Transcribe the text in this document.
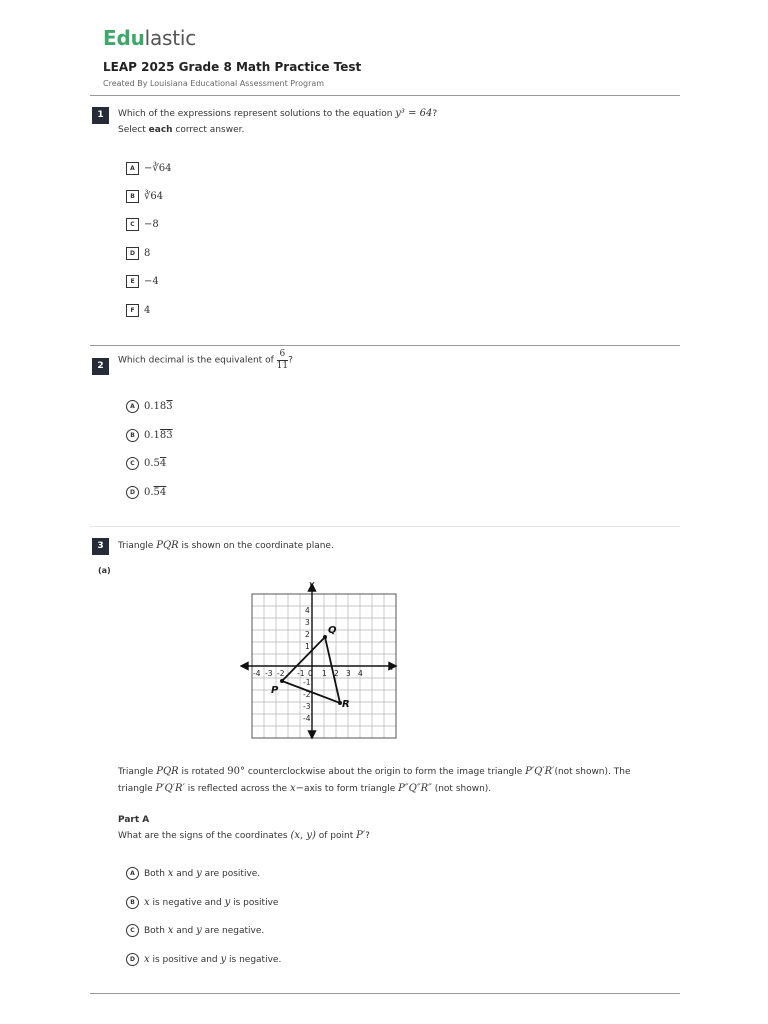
Edulastic
LEAP 2025 Grade 8 Math Practice Test
Created By Louisiana Educational Assessment Program
1	Which of the expressions represent solutions to the equation y³ = 64?
Select each correct answer.
A −∛64
B ∛64
C −8
D 8
E −4
F 4
2
Which decimal is the equivalent of $\frac{6}{11}$ ?
A 0.183
B 0.183
C 0.54
D 0.54
3	Triangle PQR is shown on the coordinate plane.
(a)
x
y
-4 -3 -2 -1 0 1 2 3 4
4
3
2
1
-1
-2
-3
-4
P
Q
R
Triangle PQR is rotated 90° counterclockwise about the origin to form the image triangle P′Q′R′(not shown). The
triangle P′Q′R′ is reflected across the x−axis to form triangle P″Q″R″ (not shown).
Part A
What are the signs of the coordinates (x, y) of point P′?
A Both x and y are positive.
B x is negative and y is positive
C Both x and y are negative.
D x is positive and y is negative.
